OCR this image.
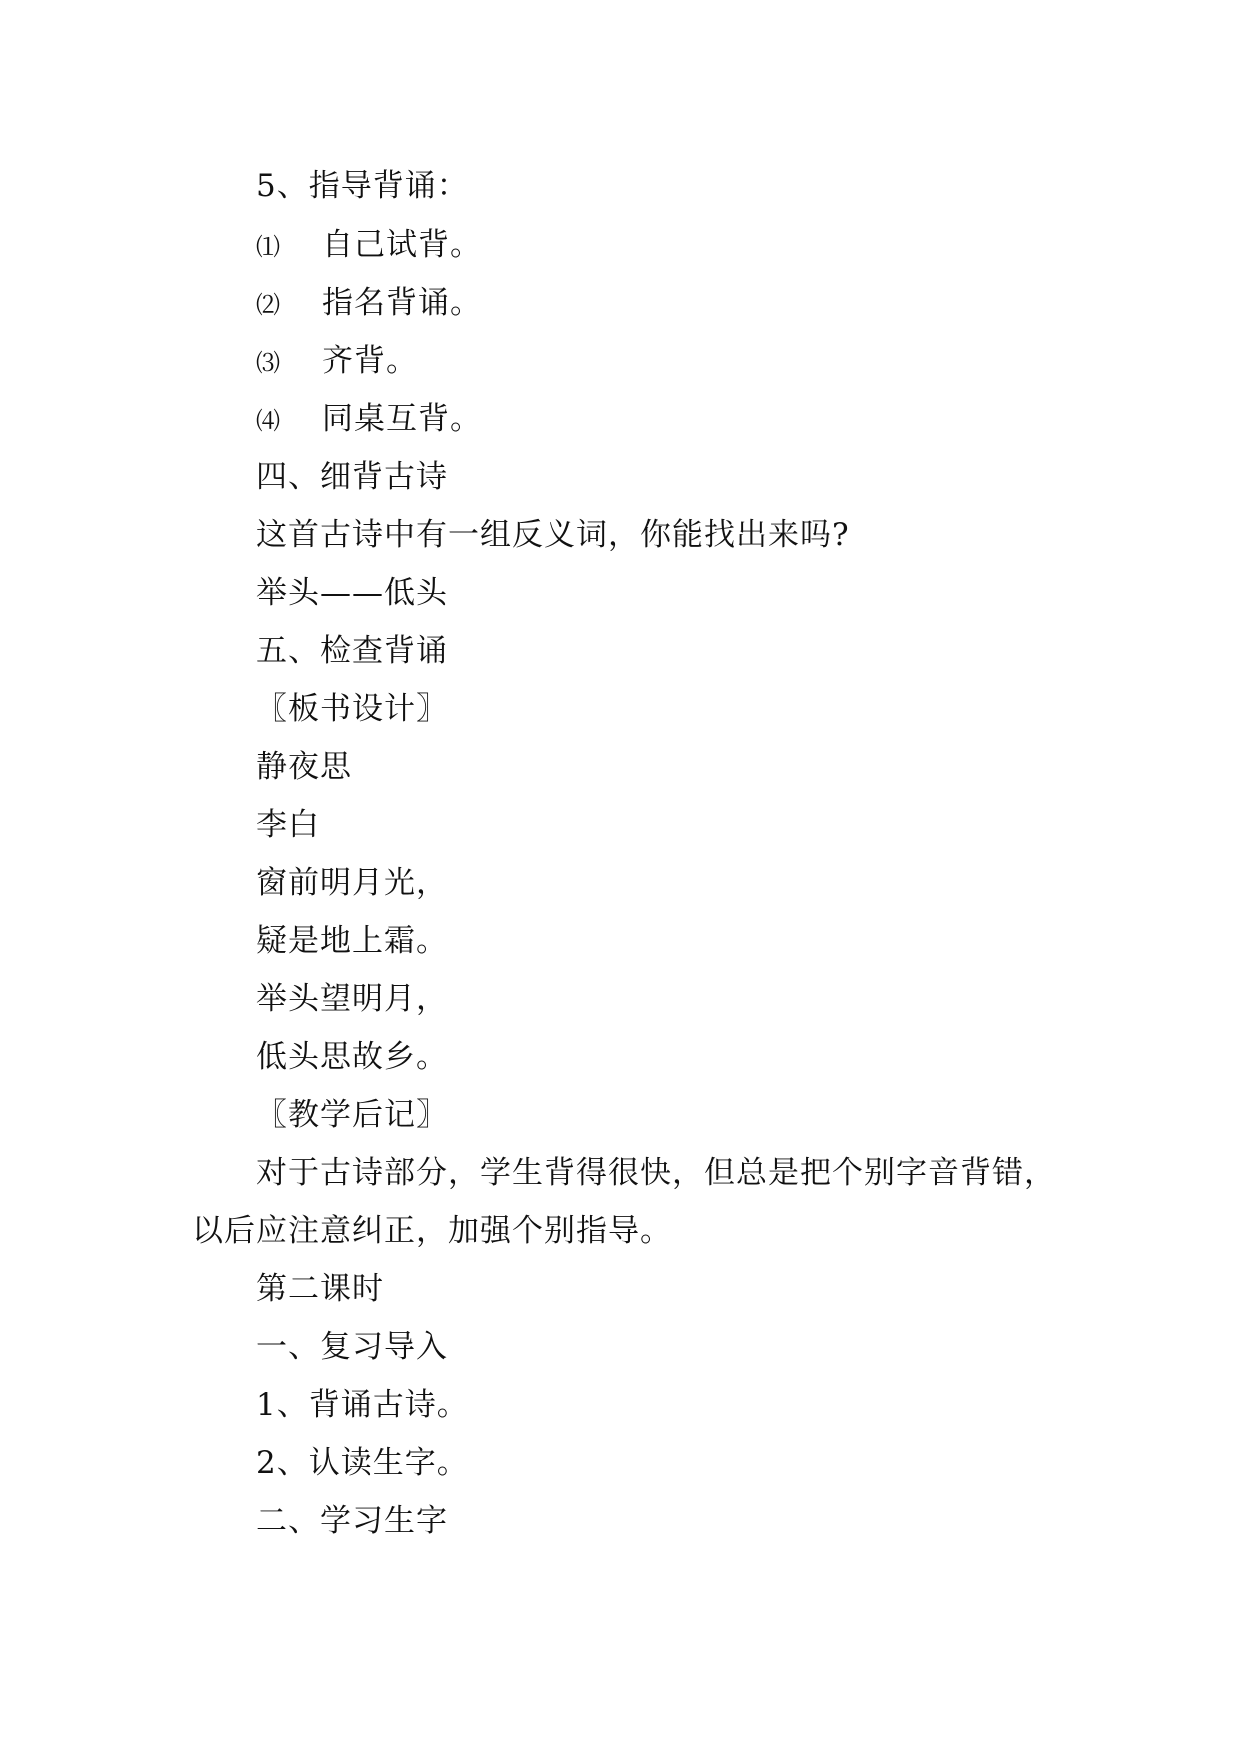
5、指导背诵：
⑴ 自己试背。
⑵ 指名背诵。
⑶ 齐背。
⑷ 同桌互背。
四、细背古诗
这首古诗中有一组反义词，你能找出来吗?
举头——低头
五、检查背诵
〖板书设计〗
静夜思
李白
窗前明月光，
疑是地上霜。
举头望明月，
低头思故乡。
〖教学后记〗
对于古诗部分，学生背得很快，但总是把个别字音背错，
以后应注意纠正，加强个别指导。
第二课时
一、复习导入
1、背诵古诗。
2、认读生字。
二、学习生字
